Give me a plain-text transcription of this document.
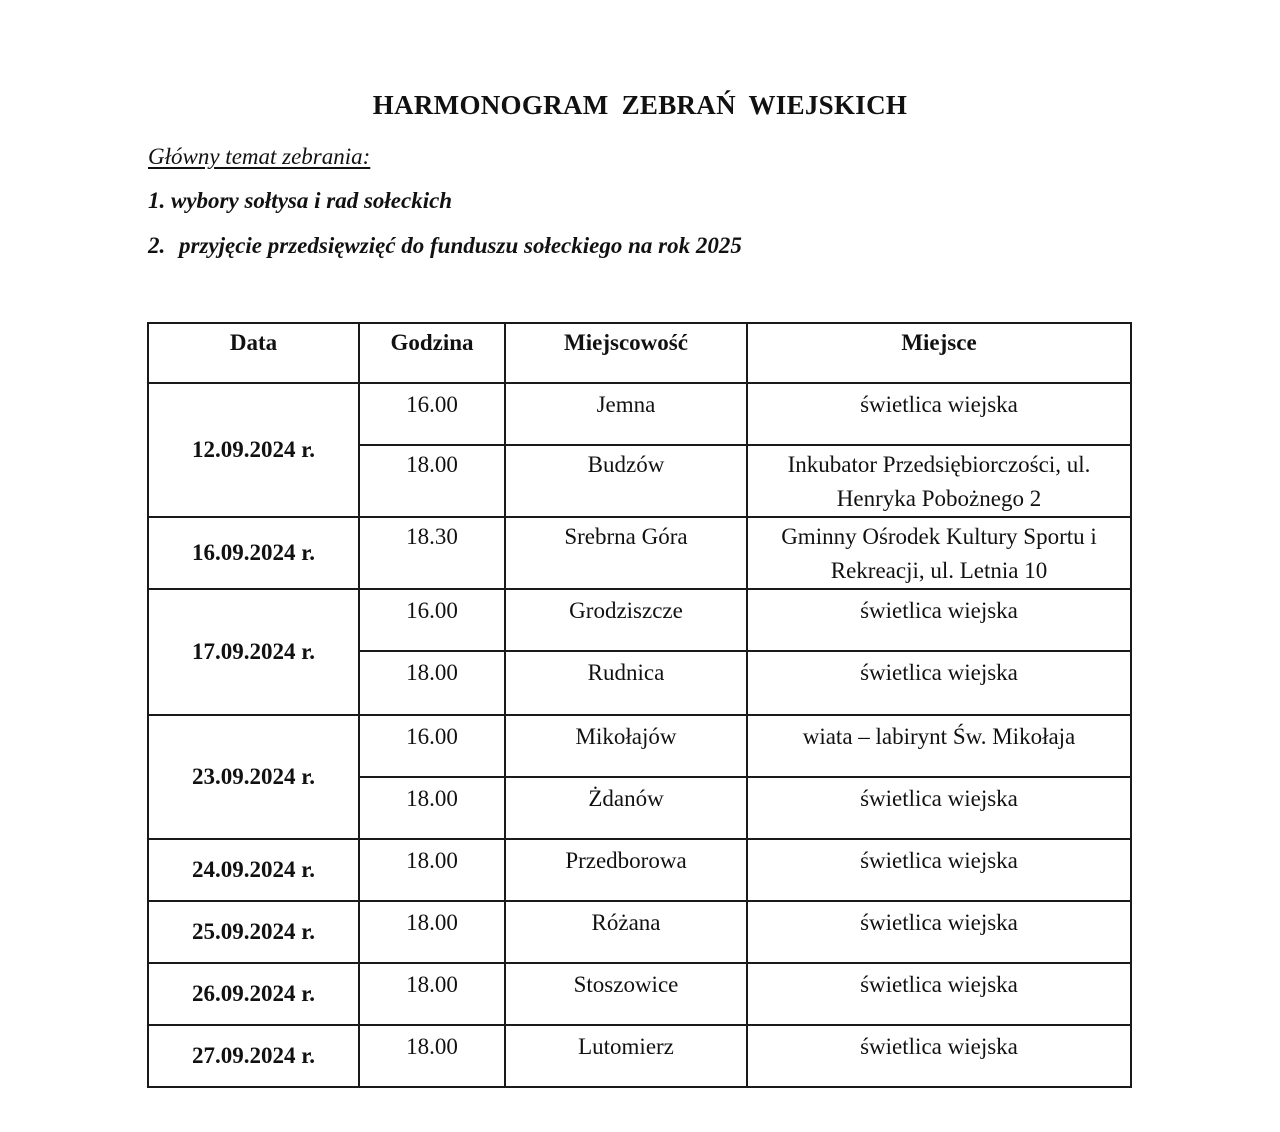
HARMONOGRAM ZEBRAŃ WIEJSKICH
Główny temat zebrania:
1. wybory sołtysa i rad sołeckich
2. przyjęcie przedsięwzięć do funduszu sołeckiego na rok 2025
Data	Godzina	Miejscowość	Miejsce
12.09.2024 r.	16.00	Jemna	świetlica wiejska
	18.00	Budzów	Inkubator Przedsiębiorczości, ul. Henryka Pobożnego 2
16.09.2024 r.	18.30	Srebrna Góra	Gminny Ośrodek Kultury Sportu i Rekreacji, ul. Letnia 10
17.09.2024 r.	16.00	Grodziszcze	świetlica wiejska
	18.00	Rudnica	świetlica wiejska
23.09.2024 r.	16.00	Mikołajów	wiata – labirynt Św. Mikołaja
	18.00	Żdanów	świetlica wiejska
24.09.2024 r.	18.00	Przedborowa	świetlica wiejska
25.09.2024 r.	18.00	Różana	świetlica wiejska
26.09.2024 r.	18.00	Stoszowice	świetlica wiejska
27.09.2024 r.	18.00	Lutomierz	świetlica wiejska
